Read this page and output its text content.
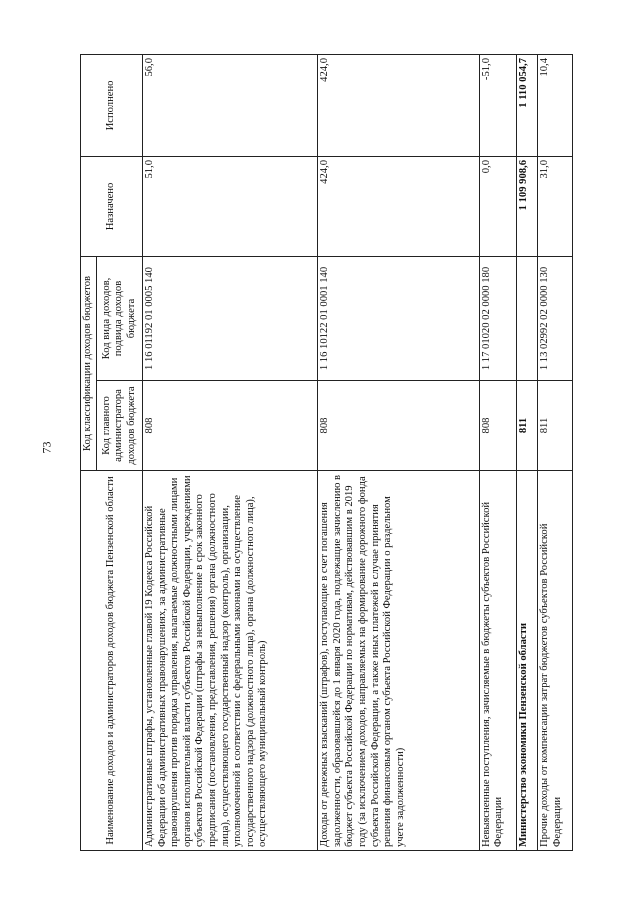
73
Наименование доходов и администраторов доходов бюджета Пензенской области	Код классификации доходов бюджетов		Назначено	Исполнено
	Код главного администратора доходов бюджета	Код вида доходов, подвида доходов бюджета		
Административные штрафы, установленные главой 19 Кодекса Российской Федерации об административных правонарушениях, за административные правонарушения против порядка управления, налагаемые должностными лицами органов исполнительной власти субъектов Российской Федерации, учреждениями субъектов Российской Федерации (штрафы за невыполнение в срок законного предписания (постановления, представления, решения) органа (должностного лица), осуществляющего государственный надзор (контроль), организации, уполномоченной в соответствии с федеральными законами на осуществление государственного надзора (должностного лица), органа (должностного лица), осуществляющего муниципальный контроль)	808	1 16 01192 01 0005 140	51,0	56,0
Доходы от денежных взысканий (штрафов), поступающие в счет погашения задолженности, образовавшейся до 1 января 2020 года, подлежащие зачислению в бюджет субъекта Российской Федерации по нормативам, действовавшим в 2019 году (за исключением доходов, направляемых на формирование дорожного фонда субъекта Российской Федерации, а также иных платежей в случае принятия решения финансовым органом субъекта Российской Федерации о раздельном учете задолженности)	808	1 16 10122 01 0001 140	424,0	424,0
Невыясненные поступления, зачисляемые в бюджеты субъектов Российской Федерации	808	1 17 01020 02 0000 180	0,0	-51,0
Министерство экономики Пензенской области	811		1 109 908,6	1 110 054,7
Прочие доходы от компенсации затрат бюджетов субъектов Российской Федерации	811	1 13 02992 02 0000 130	31,0	10,4
